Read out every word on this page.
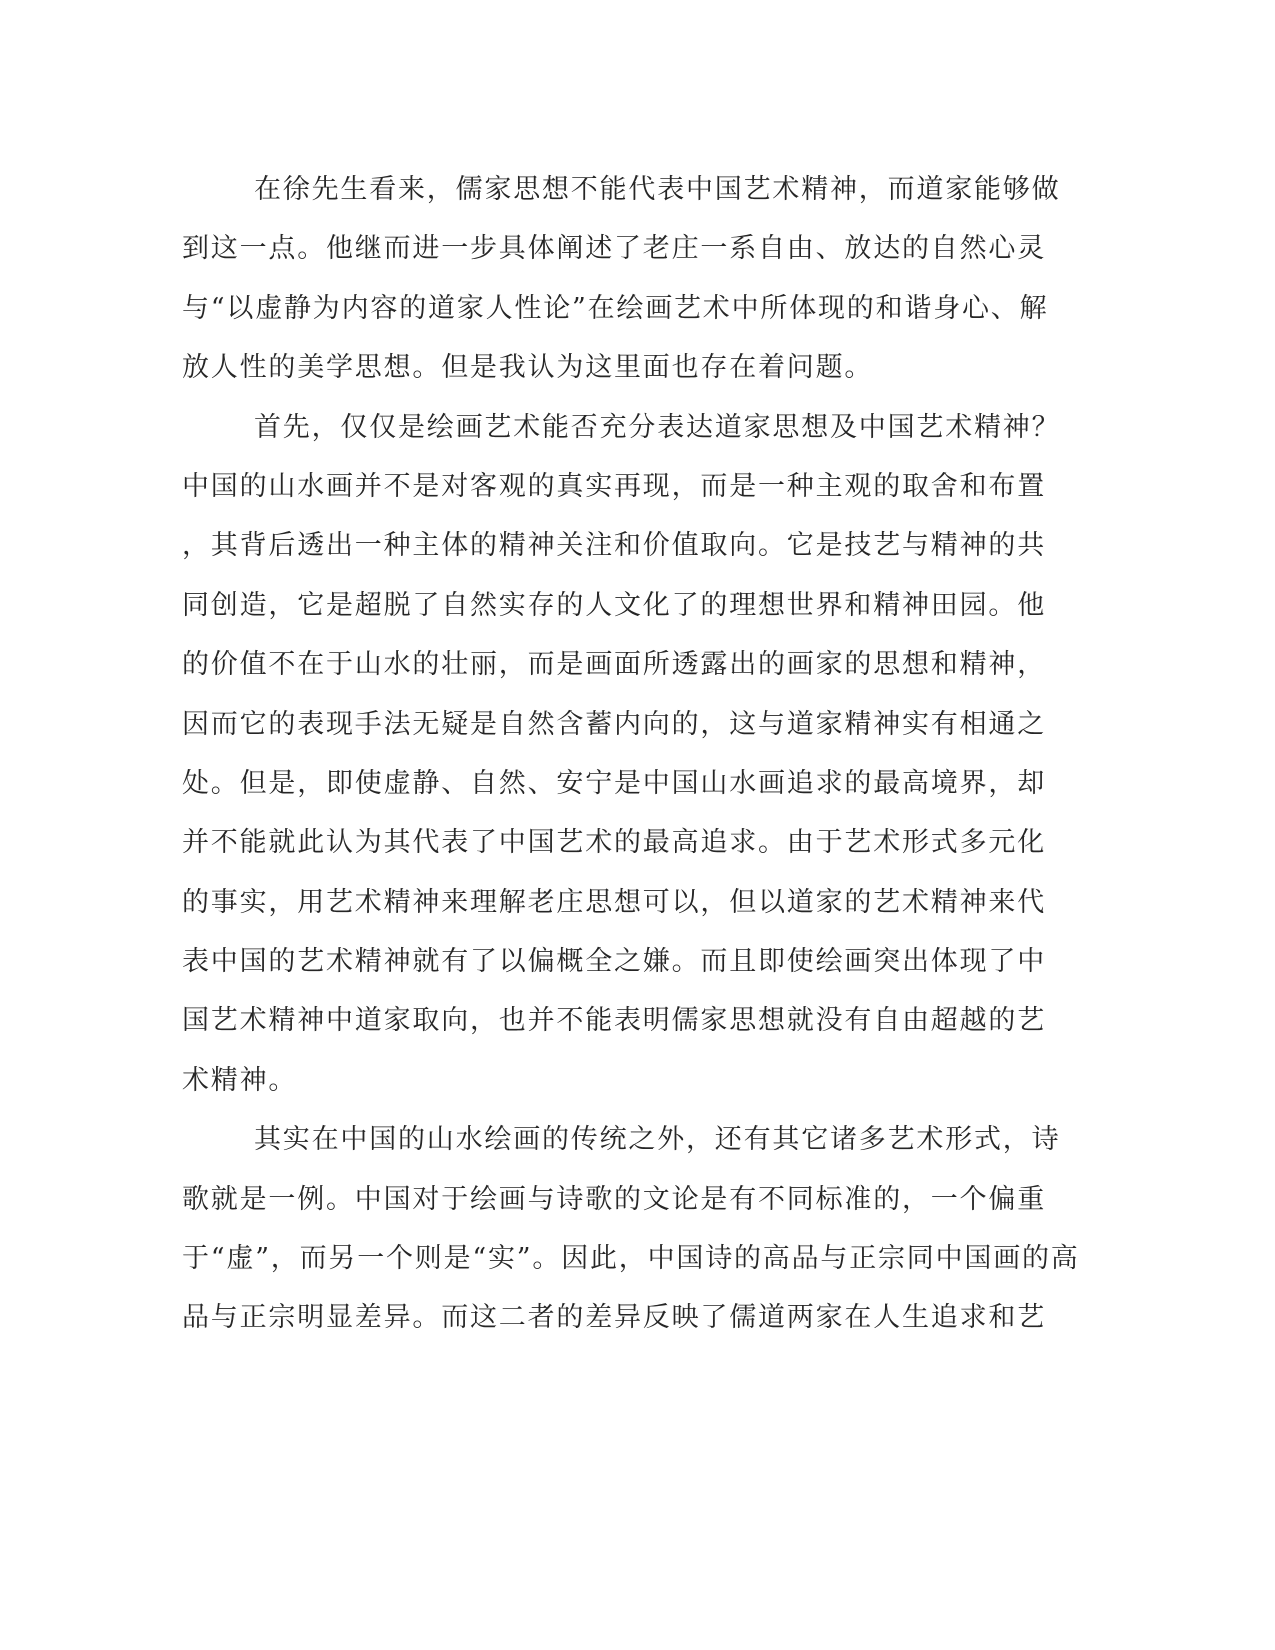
在徐先生看来，儒家思想不能代表中国艺术精神，而道家能够做
到这一点。他继而进一步具体阐述了老庄一系自由、放达的自然心灵
与“以虚静为内容的道家人性论”在绘画艺术中所体现的和谐身心、解
放人性的美学思想。但是我认为这里面也存在着问题。
首先，仅仅是绘画艺术能否充分表达道家思想及中国艺术精神？
中国的山水画并不是对客观的真实再现，而是一种主观的取舍和布置
，其背后透出一种主体的精神关注和价值取向。它是技艺与精神的共
同创造，它是超脱了自然实存的人文化了的理想世界和精神田园。他
的价值不在于山水的壮丽，而是画面所透露出的画家的思想和精神，
因而它的表现手法无疑是自然含蓄内向的，这与道家精神实有相通之
处。但是，即使虚静、自然、安宁是中国山水画追求的最高境界，却
并不能就此认为其代表了中国艺术的最高追求。由于艺术形式多元化
的事实，用艺术精神来理解老庄思想可以，但以道家的艺术精神来代
表中国的艺术精神就有了以偏概全之嫌。而且即使绘画突出体现了中
国艺术精神中道家取向，也并不能表明儒家思想就没有自由超越的艺
术精神。
其实在中国的山水绘画的传统之外，还有其它诸多艺术形式，诗
歌就是一例。中国对于绘画与诗歌的文论是有不同标准的，一个偏重
于“虚”，而另一个则是“实”。因此，中国诗的高品与正宗同中国画的高
品与正宗明显差异。而这二者的差异反映了儒道两家在人生追求和艺
